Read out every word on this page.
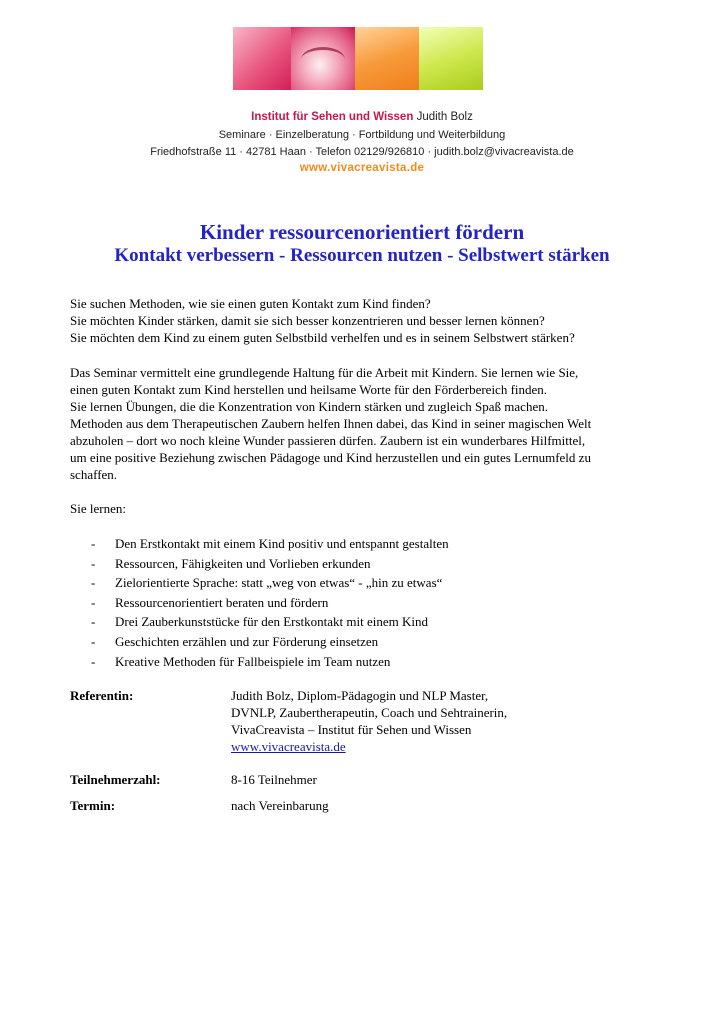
Institut für Sehen und Wissen Judith Bolz
Seminare · Einzelberatung · Fortbildung und Weiterbildung
Friedhofstraße 11 · 42781 Haan · Telefon 02129/926810 · judith.bolz@vivacreavista.de
www.vivacreavista.de
Kinder ressourcenorientiert fördern
Kontakt verbessern - Ressourcen nutzen - Selbstwert stärken
Sie suchen Methoden, wie sie einen guten Kontakt zum Kind finden?
Sie möchten Kinder stärken, damit sie sich besser konzentrieren und besser lernen können?
Sie möchten dem Kind zu einem guten Selbstbild verhelfen und es in seinem Selbstwert stärken?
Das Seminar vermittelt eine grundlegende Haltung für die Arbeit mit Kindern. Sie lernen wie Sie,
einen guten Kontakt zum Kind herstellen und heilsame Worte für den Förderbereich finden.
Sie lernen Übungen, die die Konzentration von Kindern stärken und zugleich Spaß machen.
Methoden aus dem Therapeutischen Zaubern helfen Ihnen dabei, das Kind in seiner magischen Welt
abzuholen – dort wo noch kleine Wunder passieren dürfen. Zaubern ist ein wunderbares Hilfmittel,
um eine positive Beziehung zwischen Pädagoge und Kind herzustellen und ein gutes Lernumfeld zu
schaffen.
Sie lernen:
-	Den Erstkontakt mit einem Kind positiv und entspannt gestalten
-	Ressourcen, Fähigkeiten und Vorlieben erkunden
-	Zielorientierte Sprache: statt „weg von etwas“ - „hin zu etwas“
-	Ressourcenorientiert beraten und fördern
-	Drei Zauberkunststücke für den Erstkontakt mit einem Kind
-	Geschichten erzählen und zur Förderung einsetzen
-	Kreative Methoden für Fallbeispiele im Team nutzen
Referentin:	Judith Bolz, Diplom-Pädagogin und NLP Master,
DVNLP, Zaubertherapeutin, Coach und Sehtrainerin,
VivaCreavista – Institut für Sehen und Wissen
www.vivacreavista.de
Teilnehmerzahl:	8-16 Teilnehmer
Termin:	nach Vereinbarung
